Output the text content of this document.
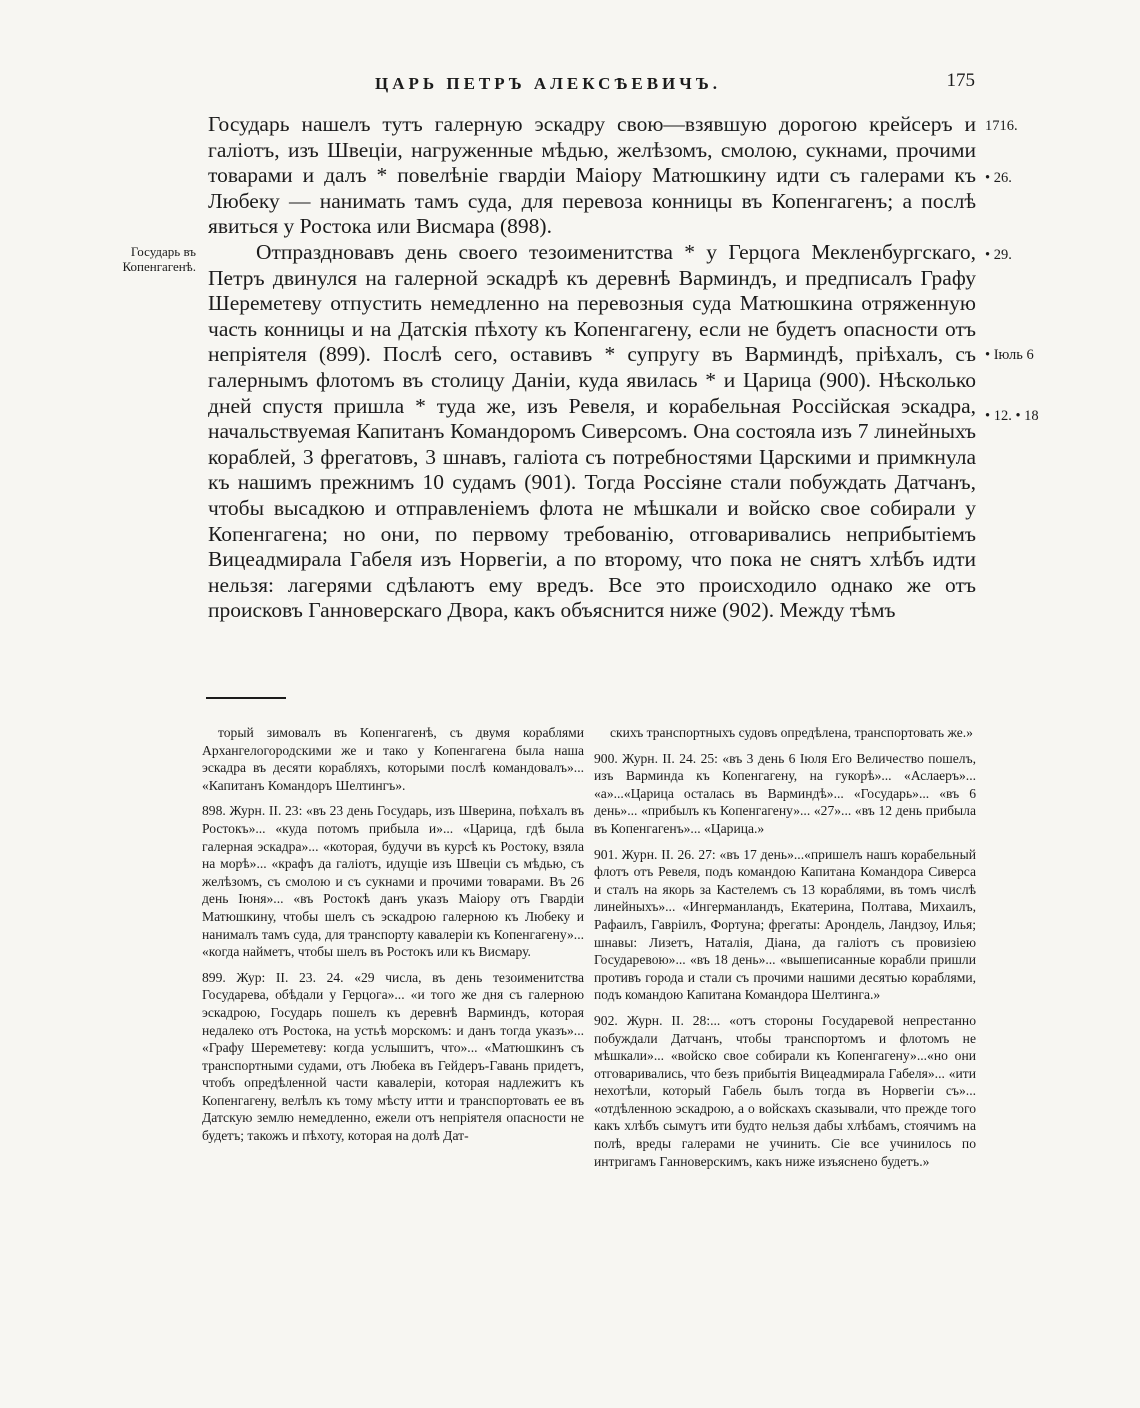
ЦАРЬ ПЕТРЪ АЛЕКСѢЕВИЧЪ.	175
Государь въ Копенгагенѣ.
1716.
• 26.
• 29.
• Іюль 6
• 12. • 18

Государь нашелъ тутъ галерную эскадру свою—взявшую дорогою крейсеръ и галіотъ, изъ Швеціи, нагруженные мѣдью, желѣзомъ, смолою, сукнами, прочими товарами и далъ * повелѣніе гвардіи Маіору Матюшкину идти съ галерами къ Любеку — нанимать тамъ суда, для перевоза конницы въ Копенгагенъ; а послѣ явиться у Ростока или Висмара (898).

Отпраздновавъ день своего тезоименитства * у Герцога Мекленбургскаго, Петръ двинулся на галерной эскадрѣ къ деревнѣ Варминдъ, и предписалъ Графу Шереметеву отпустить немедленно на перевозныя суда Матюшкина отряженную часть конницы и на Датскія пѣхоту къ Копенгагену, если не будетъ опасности отъ непріятеля (899). Послѣ сего, оставивъ * супругу въ Варминдѣ, пріѣхалъ, съ галернымъ флотомъ въ столицу Даніи, куда явилась * и Царица (900). Нѣсколько дней спустя пришла * туда же, изъ Ревеля, и корабельная Россійская эскадра, начальствуемая Капитанъ Командоромъ Сиверсомъ. Она состояла изъ 7 линейныхъ кораблей, 3 фрегатовъ, 3 шнавъ, галіота съ потребностями Царскими и примкнула къ нашимъ прежнимъ 10 судамъ (901). Тогда Россіяне стали побуждать Датчанъ, чтобы высадкою и отправленіемъ флота не мѣшкали и войско свое собирали у Копенгагена; но они, по первому требованію, отговаривались неприбытіемъ Вицеадмирала Габеля изъ Норвегіи, а по второму, что пока не снятъ хлѣбъ идти нельзя: лагерями сдѣлаютъ ему вредъ. Все это происходило однако же отъ происковъ Ганноверскаго Двора, какъ объяснится ниже (902). Между тѣмъ

торый зимовалъ въ Копенгагенѣ, съ двумя кораблями Архангелогородскими же и тако у Копенгагена была наша эскадра въ десяти корабляхъ, которыми послѣ командовалъ»... «Капитанъ Командоръ Шелтингъ».

898. Журн. II. 23: «въ 23 день Государь, изъ Шверина, поѣхалъ въ Ростокъ»... «куда потомъ прибыла и»... «Царица, гдѣ была галерная эскадра»... «которая, будучи въ курсѣ къ Ростоку, взяла на морѣ»... «крафъ да галіотъ, идущіе изъ Швеціи съ мѣдью, съ желѣзомъ, съ смолою и съ сукнами и прочими товарами. Въ 26 день Іюня»... «въ Ростокѣ данъ указъ Маіору отъ Гвардіи Матюшкину, чтобы шелъ съ эскадрою галерною къ Любеку и нанималъ тамъ суда, для транспорту кавалеріи къ Копенгагену»... «когда найметъ, чтобы шелъ въ Ростокъ или къ Висмару.

899. Жур: II. 23. 24. «29 числа, въ день тезоименитства Государева, обѣдали у Герцога»... «и того же дня съ галерною эскадрою, Государь пошелъ къ деревнѣ Варминдъ, которая недалеко отъ Ростока, на устьѣ морскомъ: и данъ тогда указъ»... «Графу Шереметеву: когда услышитъ, что»... «Матюшкинъ съ транспортными судами, отъ Любека въ Гейдеръ-Гавань придетъ, чтобъ опредѣленной части кавалеріи, которая надлежитъ къ Копенгагену, велѣлъ къ тому мѣсту итти и транспортовать ее въ Датскую землю немедленно, ежели отъ непріятеля опасности не будетъ; такожъ и пѣхоту, которая на долѣ Дат-

скихъ транспортныхъ судовъ опредѣлена, транспортовать же.»

900. Журн. II. 24. 25: «въ 3 день 6 Іюля Его Величество пошелъ, изъ Варминда къ Копенгагену, на гукорѣ»... «Аслаеръ»... «а»...«Царица осталась въ Варминдѣ»... «Государь»... «въ 6 день»... «прибылъ къ Копенгагену»... «27»... «въ 12 день прибыла въ Копенгагенъ»... «Царица.»

901. Журн. II. 26. 27: «въ 17 день»...«пришелъ нашъ корабельный флотъ отъ Ревеля, подъ командою Капитана Командора Сиверса и сталъ на якорь за Кастелемъ съ 13 кораблями, въ томъ числѣ линейныхъ»... «Ингерманландъ, Екатерина, Полтава, Михаилъ, Рафаилъ, Гавріилъ, Фортуна; фрегаты: Арондель, Ландзоу, Илья; шнавы: Лизетъ, Наталія, Діана, да галіотъ съ провизіею Государевою»... «въ 18 день»... «вышеписанные корабли пришли противъ города и стали съ прочими нашими десятью кораблями, подъ командою Капитана Командора Шелтинга.»

902. Журн. II. 28:... «отъ стороны Государевой непрестанно побуждали Датчанъ, чтобы транспортомъ и флотомъ не мѣшкали»... «войско свое собирали къ Копенгагену»...«но они отговаривались, что безъ прибытія Вицеадмирала Габеля»... «ити нехотѣли, который Габель былъ тогда въ Норвегіи съ»... «отдѣленною эскадрою, а о войскахъ сказывали, что прежде того какъ хлѣбъ сымутъ ити будто нельзя дабы хлѣбамъ, стоячимъ на полѣ, вреды галерами не учинить. Сіе все учинилось по интригамъ Ганноверскимъ, какъ ниже изъяснено будетъ.»
